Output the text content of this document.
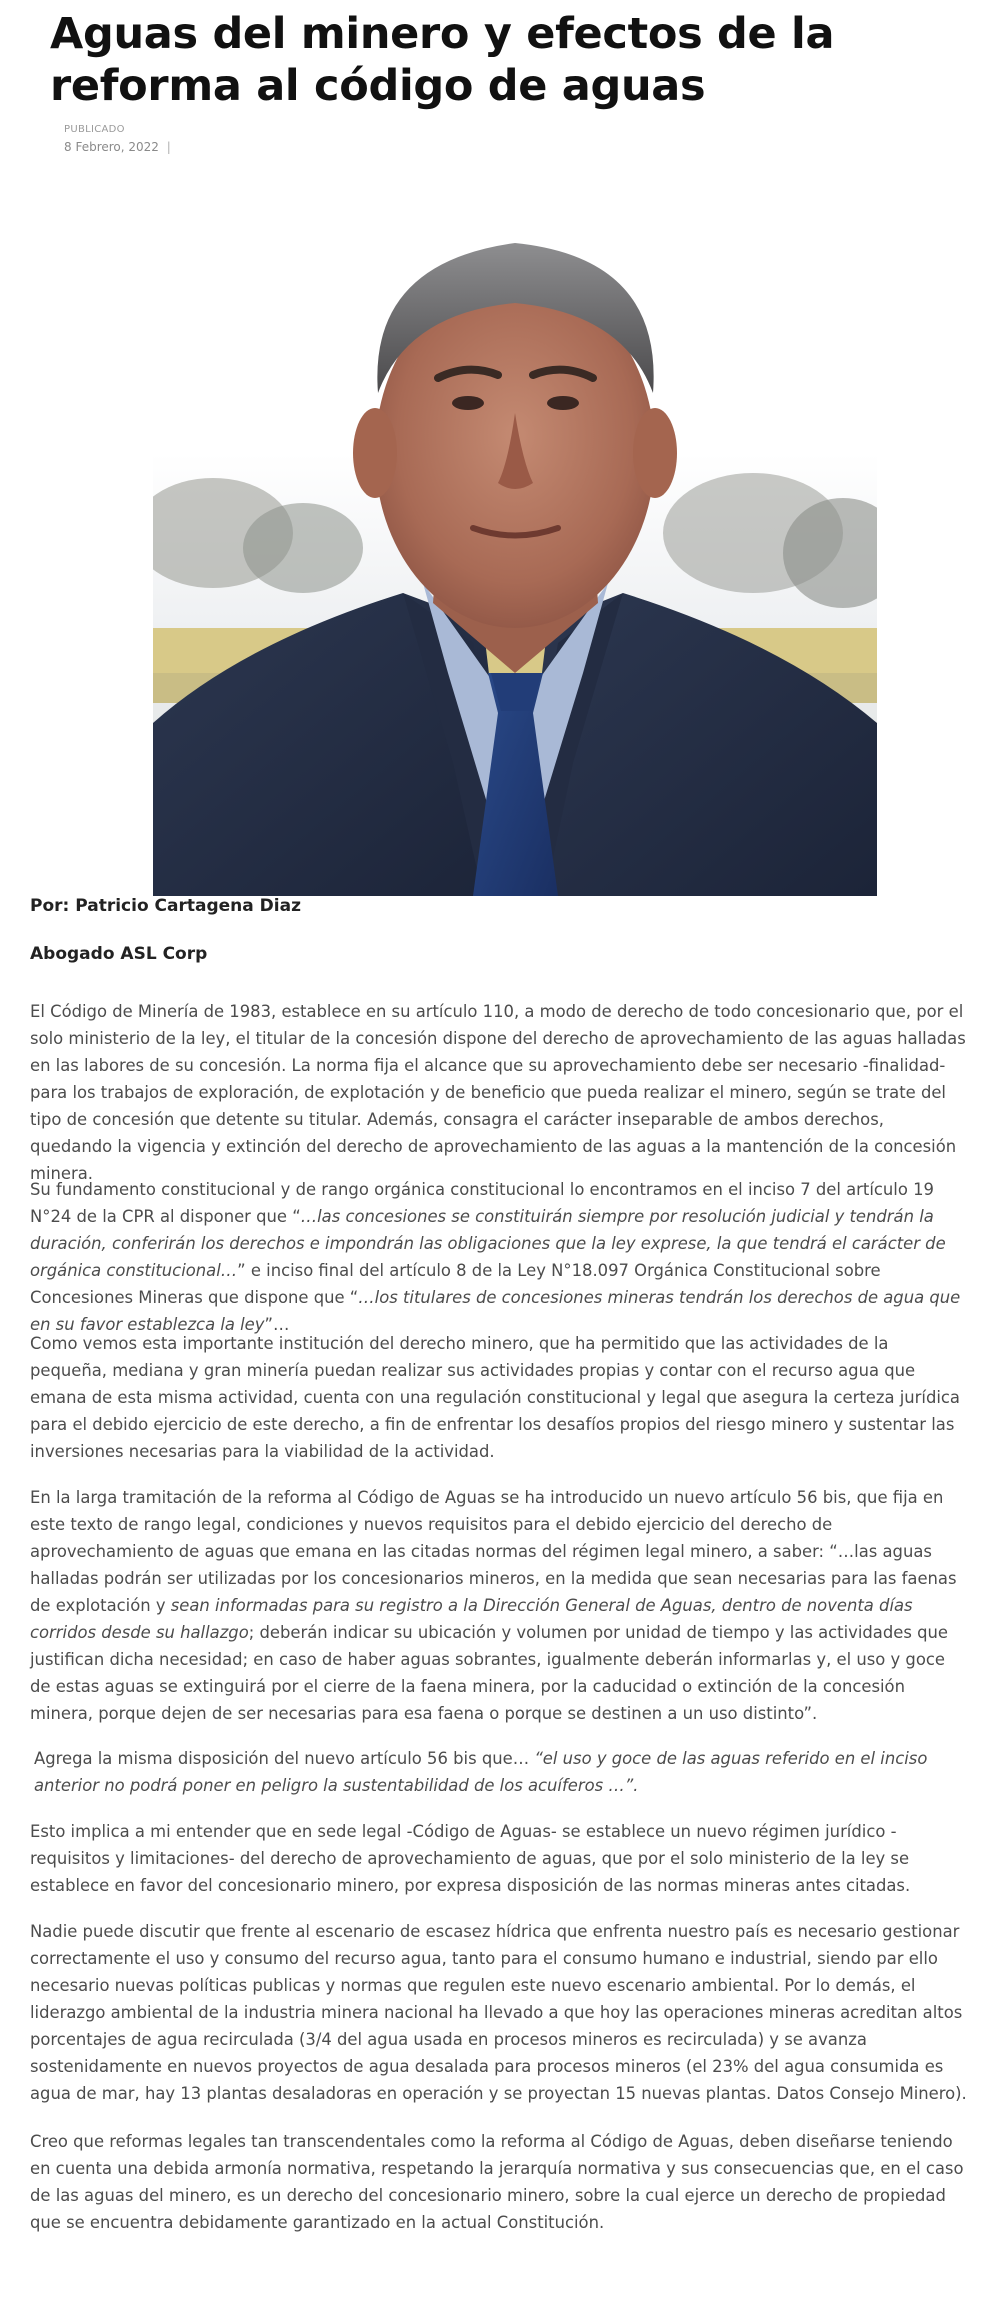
Aguas del minero y efectos de la reforma al código de aguas
PUBLICADO
8 Febrero, 2022 |
Por: Patricio Cartagena Diaz
Abogado ASL Corp

El Código de Minería de 1983, establece en su artículo 110, a modo de derecho de todo concesionario que, por el solo ministerio de la ley, el titular de la concesión dispone del derecho de aprovechamiento de las aguas halladas en las labores de su concesión. La norma fija el alcance que su aprovechamiento debe ser necesario -finalidad- para los trabajos de exploración, de explotación y de beneficio que pueda realizar el minero, según se trate del tipo de concesión que detente su titular. Además, consagra el carácter inseparable de ambos derechos, quedando la vigencia y extinción del derecho de aprovechamiento de las aguas a la mantención de la concesión minera.

Su fundamento constitucional y de rango orgánica constitucional lo encontramos en el inciso 7 del artículo 19 N°24 de la CPR al disponer que “…las concesiones se constituirán siempre por resolución judicial y tendrán la duración, conferirán los derechos e impondrán las obligaciones que la ley exprese, la que tendrá el carácter de orgánica constitucional…” e inciso final del artículo 8 de la Ley N°18.097 Orgánica Constitucional sobre Concesiones Mineras que dispone que “…los titulares de concesiones mineras tendrán los derechos de agua que en su favor establezca la ley”…

Como vemos esta importante institución del derecho minero, que ha permitido que las actividades de la pequeña, mediana y gran minería puedan realizar sus actividades propias y contar con el recurso agua que emana de esta misma actividad, cuenta con una regulación constitucional y legal que asegura la certeza jurídica para el debido ejercicio de este derecho, a fin de enfrentar los desafíos propios del riesgo minero y sustentar las inversiones necesarias para la viabilidad de la actividad.

En la larga tramitación de la reforma al Código de Aguas se ha introducido un nuevo artículo 56 bis, que fija en este texto de rango legal, condiciones y nuevos requisitos para el debido ejercicio del derecho de aprovechamiento de aguas que emana en las citadas normas del régimen legal minero, a saber: “…las aguas halladas podrán ser utilizadas por los concesionarios mineros, en la medida que sean necesarias para las faenas de explotación y sean informadas para su registro a la Dirección General de Aguas, dentro de noventa días corridos desde su hallazgo; deberán indicar su ubicación y volumen por unidad de tiempo y las actividades que justifican dicha necesidad; en caso de haber aguas sobrantes, igualmente deberán informarlas y, el uso y goce de estas aguas se extinguirá por el cierre de la faena minera, por la caducidad o extinción de la concesión minera, porque dejen de ser necesarias para esa faena o porque se destinen a un uso distinto”.

Agrega la misma disposición del nuevo artículo 56 bis que… “el uso y goce de las aguas referido en el inciso anterior no podrá poner en peligro la sustentabilidad de los acuíferos …”.

Esto implica a mi entender que en sede legal -Código de Aguas- se establece un nuevo régimen jurídico -requisitos y limitaciones- del derecho de aprovechamiento de aguas, que por el solo ministerio de la ley se establece en favor del concesionario minero, por expresa disposición de las normas mineras antes citadas.

Nadie puede discutir que frente al escenario de escasez hídrica que enfrenta nuestro país es necesario gestionar correctamente el uso y consumo del recurso agua, tanto para el consumo humano e industrial, siendo par ello necesario nuevas políticas publicas y normas que regulen este nuevo escenario ambiental. Por lo demás, el liderazgo ambiental de la industria minera nacional ha llevado a que hoy las operaciones mineras acreditan altos porcentajes de agua recirculada (3/4 del agua usada en procesos mineros es recirculada) y se avanza sostenidamente en nuevos proyectos de agua desalada para procesos mineros (el 23% del agua consumida es agua de mar, hay 13 plantas desaladoras en operación y se proyectan 15 nuevas plantas. Datos Consejo Minero).

Creo que reformas legales tan transcendentales como la reforma al Código de Aguas, deben diseñarse teniendo en cuenta una debida armonía normativa, respetando la jerarquía normativa y sus consecuencias que, en el caso de las aguas del minero, es un derecho del concesionario minero, sobre la cual ejerce un derecho de propiedad que se encuentra debidamente garantizado en la actual Constitución.
